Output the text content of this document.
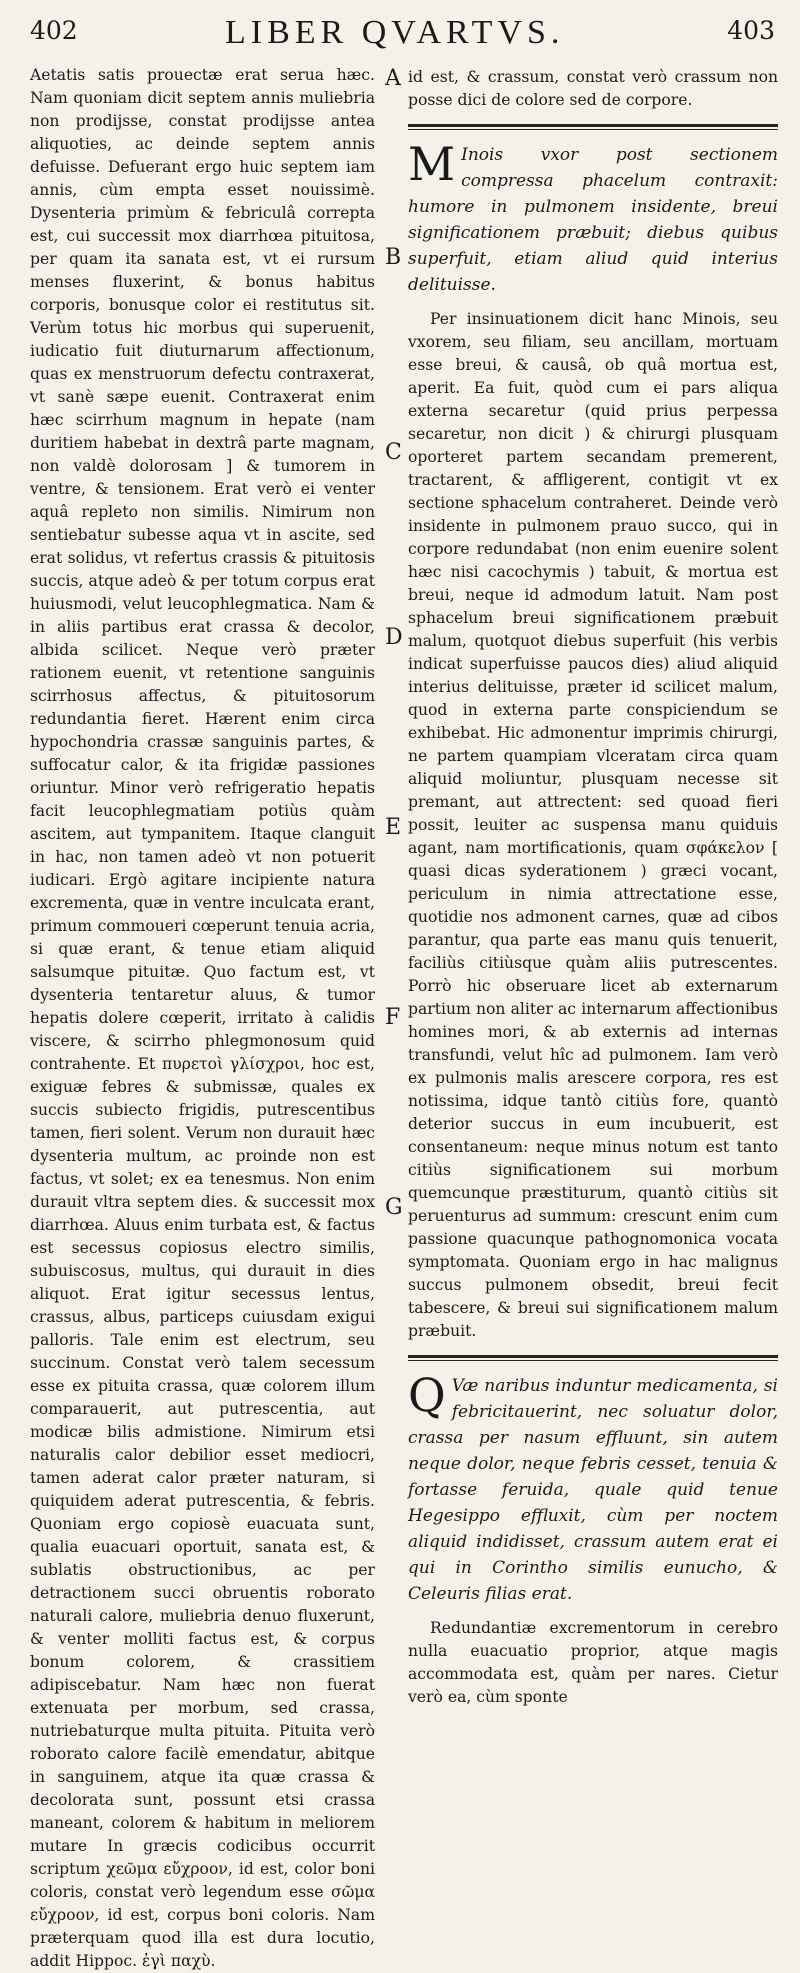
402	LIBER QVARTVS.	403

Aetatis satis prouectæ erat serua hæc. Nam quoniam dicit septem annis muliebria non prodijsse, constat prodijsse antea aliquoties, ac deinde septem annis defuisse. Defuerant ergo huic septem iam annis, cùm empta esset nouissimè. Dysenteria primùm & febriculâ correpta est, cui successit mox diarrhœa pituitosa, per quam ita sanata est, vt ei rursum menses fluxerint, & bonus habitus corporis, bonusque color ei restitutus sit. Verùm totus hic morbus qui superuenit, iudicatio fuit diuturnarum affectionum, quas ex menstruorum defectu contraxerat, vt sanè sæpe euenit. Contraxerat enim hæc scirrhum magnum in hepate (nam duritiem habebat in dextrâ parte magnam, non valdè dolorosam ] & tumorem in ventre, & tensionem. Erat verò ei venter aquâ repleto non similis. Nimirum non sentiebatur subesse aqua vt in ascite, sed erat solidus, vt refertus crassis & pituitosis succis, atque adeò & per totum corpus erat huiusmodi, velut leucophlegmatica. Nam & in aliis partibus erat crassa & decolor, albida scilicet. Neque verò præter rationem euenit, vt retentione sanguinis scirrhosus affectus, & pituitosorum redundantia fieret. Hærent enim circa hypochondria crassæ sanguinis partes, & suffocatur calor, & ita frigidæ passiones oriuntur. Minor verò refrigeratio hepatis facit leucophlegmatiam potiùs quàm ascitem, aut tympanitem. Itaque clanguit in hac, non tamen adeò vt non potuerit iudicari. Ergò agitare incipiente natura excrementa, quæ in ventre inculcata erant, primum commoueri cœperunt tenuia acria, si quæ erant, & tenue etiam aliquid salsumque pituitæ. Quo factum est, vt dysenteria tentaretur aluus, & tumor hepatis dolere cœperit, irritato à calidis viscere, & scirrho phlegmonosum quid contrahente. Et πυρετοὶ γλίσχροι, hoc est, exiguæ febres & submissæ, quales ex succis subiecto frigidis, putrescentibus tamen, fieri solent. Verum non durauit hæc dysenteria multum, ac proinde non est factus, vt solet; ex ea tenesmus. Non enim durauit vltra septem dies. & successit mox diarrhœa. Aluus enim turbata est, & factus est secessus copiosus electro similis, subuiscosus, multus, qui durauit in dies aliquot. Erat igitur secessus lentus, crassus, albus, particeps cuiusdam exigui palloris. Tale enim est electrum, seu succinum. Constat verò talem secessum esse ex pituita crassa, quæ colorem illum comparauerit, aut putrescentia, aut modicæ bilis admistione. Nimirum etsi naturalis calor debilior esset mediocri, tamen aderat calor præter naturam, si quiquidem aderat putrescentia, & febris. Quoniam ergo copiosè euacuata sunt, qualia euacuari oportuit, sanata est, & sublatis obstructionibus, ac per detractionem succi obruentis roborato naturali calore, muliebria denuo fluxerunt, & venter molliti factus est, & corpus bonum colorem, & crassitiem adipiscebatur. Nam hæc non fuerat extenuata per morbum, sed crassa, nutriebaturque multa pituita. Pituita verò roborato calore facilè emendatur, abitque in sanguinem, atque ita quæ crassa & decolorata sunt, possunt etsi crassa maneant, colorem & habitum in meliorem mutare In græcis codicibus occurrit scriptum χεῶμα εὔχροον, id est, color boni coloris, constat verò legendum esse σῶμα εὔχροον, id est, corpus boni coloris. Nam præterquam quod illa est dura locutio, addit Hippoc. ἐγὶ παχὺ.

A
B
C
D
E
F
G

id est, & crassum, constat verò crassum non posse dici de colore sed de corpore.

M Inois vxor post sectionem compressa phacelum contraxit: humore in pulmonem insidente, breui significationem præbuit; diebus quibus superfuit, etiam aliud quid interius delituisse.

Per insinuationem dicit hanc Minois, seu vxorem, seu filiam, seu ancillam, mortuam esse breui, & causâ, ob quâ mortua est, aperit. Ea fuit, quòd cum ei pars aliqua externa secaretur (quid prius perpessa secaretur, non dicit ) & chirurgi plusquam oporteret partem secandam premerent, tractarent, & affligerent, contigit vt ex sectione sphacelum contraheret. Deinde verò insidente in pulmonem prauo succo, qui in corpore redundabat (non enim euenire solent hæc nisi cacochymis ) tabuit, & mortua est breui, neque id admodum latuit. Nam post sphacelum breui significationem præbuit malum, quotquot diebus superfuit (his verbis indicat superfuisse paucos dies) aliud aliquid interius delituisse, præter id scilicet malum, quod in externa parte conspiciendum se exhibebat. Hic admonentur imprimis chirurgi, ne partem quampiam vlceratam circa quam aliquid moliuntur, plusquam necesse sit premant, aut attrectent: sed quoad fieri possit, leuiter ac suspensa manu quiduis agant, nam mortificationis, quam σφάκελον [ quasi dicas syderationem ) græci vocant, periculum in nimia attrectatione esse, quotidie nos admonent carnes, quæ ad cibos parantur, qua parte eas manu quis tenuerit, faciliùs citiùsque quàm aliis putrescentes. Porrò hic obseruare licet ab externarum partium non aliter ac internarum affectionibus homines mori, & ab externis ad internas transfundi, velut hîc ad pulmonem. Iam verò ex pulmonis malis arescere corpora, res est notissima, idque tantò citiùs fore, quantò deterior succus in eum incubuerit, est consentaneum: neque minus notum est tanto citiùs significationem sui morbum quemcunque præstiturum, quantò citiùs sit peruenturus ad summum: crescunt enim cum passione quacunque pathognomonica vocata symptomata. Quoniam ergo in hac malignus succus pulmonem obsedit, breui fecit tabescere, & breui sui significationem malum præbuit.

Q Væ naribus induntur medicamenta, si febricitauerint, nec soluatur dolor, crassa per nasum effluunt, sin autem neque dolor, neque febris cesset, tenuia & fortasse feruida, quale quid tenue Hegesippo effluxit, cùm per noctem aliquid indidisset, crassum autem erat ei qui in Corintho similis eunucho, & Celeuris filias erat.

Redundantiæ excrementorum in cerebro nulla euacuatio proprior, atque magis accommodata est, quàm per nares. Cietur verò ea, cùm sponte
